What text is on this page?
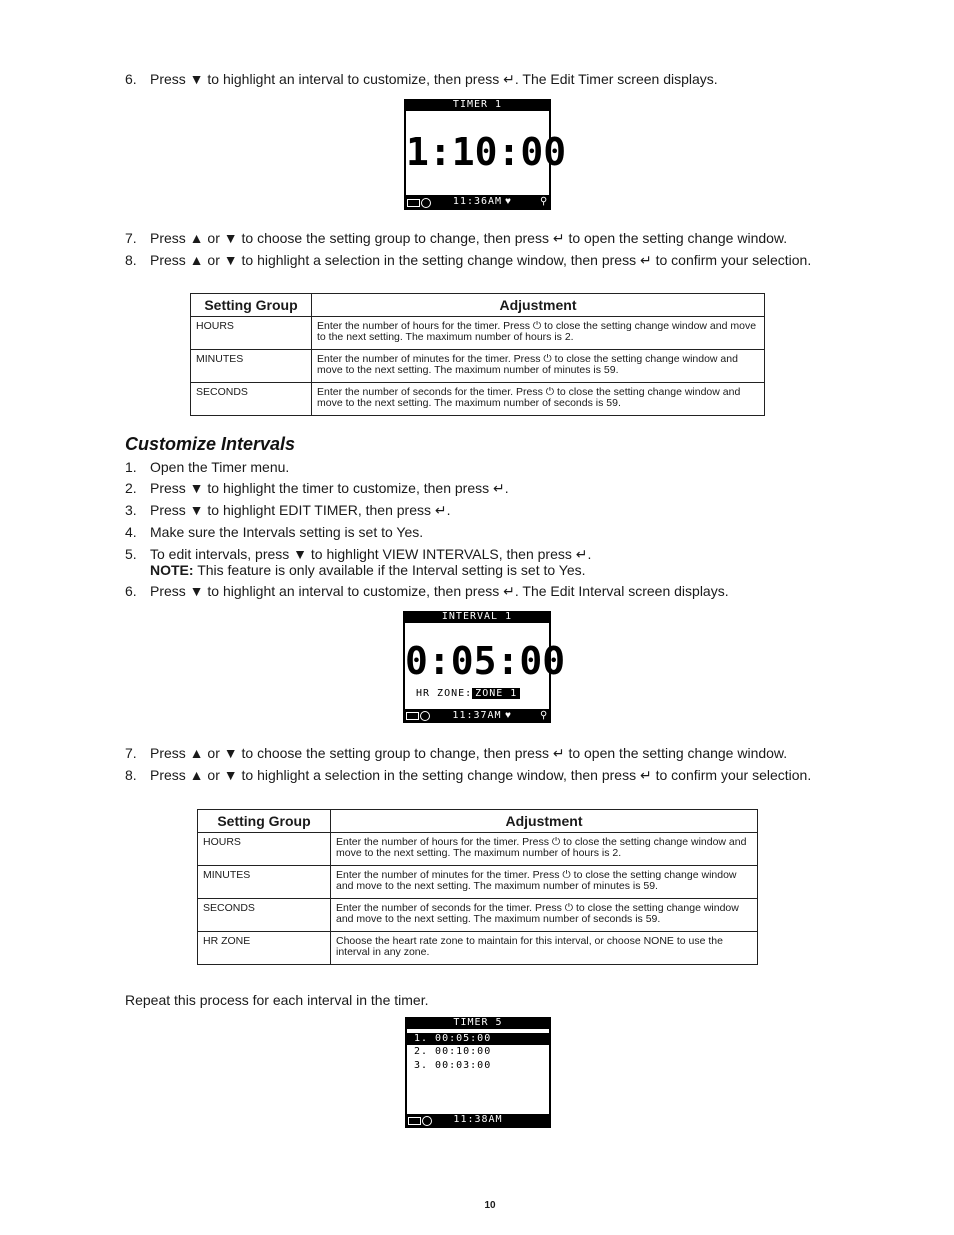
6. Press ▼ to highlight an interval to customize, then press ↵. The Edit Timer screen displays.
TIMER 1
1:10:00
11:36AM ♥	⚲
7. Press ▲ or ▼ to choose the setting group to change, then press ↵ to open the setting change window.
8. Press ▲ or ▼ to highlight a selection in the setting change window, then press ↵ to confirm your selection.
Setting Group	Adjustment
HOURS	Enter the number of hours for the timer. Press ⏻ to close the setting change window and move to the next setting. The maximum number of hours is 2.
MINUTES	Enter the number of minutes for the timer. Press ⏻ to close the setting change window and move to the next setting. The maximum number of minutes is 59.
SECONDS	Enter the number of seconds for the timer. Press ⏻ to close the setting change window and move to the next setting. The maximum number of seconds is 59.
Customize Intervals
1. Open the Timer menu.
2. Press ▼ to highlight the timer to customize, then press ↵.
3. Press ▼ to highlight EDIT TIMER, then press ↵.
4. Make sure the Intervals setting is set to Yes.
5. To edit intervals, press ▼ to highlight VIEW INTERVALS, then press ↵.
NOTE: This feature is only available if the Interval setting is set to Yes.
6. Press ▼ to highlight an interval to customize, then press ↵. The Edit Interval screen displays.
INTERVAL 1
0:05:00
HR ZONE: ZONE 1
11:37AM ♥	⚲
7. Press ▲ or ▼ to choose the setting group to change, then press ↵ to open the setting change window.
8. Press ▲ or ▼ to highlight a selection in the setting change window, then press ↵ to confirm your selection.
Setting Group	Adjustment
HOURS	Enter the number of hours for the timer. Press ⏻ to close the setting change window and move to the next setting. The maximum number of hours is 2.
MINUTES	Enter the number of minutes for the timer. Press ⏻ to close the setting change window and move to the next setting. The maximum number of minutes is 59.
SECONDS	Enter the number of seconds for the timer. Press ⏻ to close the setting change window and move to the next setting. The maximum number of seconds is 59.
HR ZONE	Choose the heart rate zone to maintain for this interval, or choose NONE to use the interval in any zone.
Repeat this process for each interval in the timer.
TIMER 5
1. 00:05:00
2. 00:10:00
3. 00:03:00
11:38AM
10
